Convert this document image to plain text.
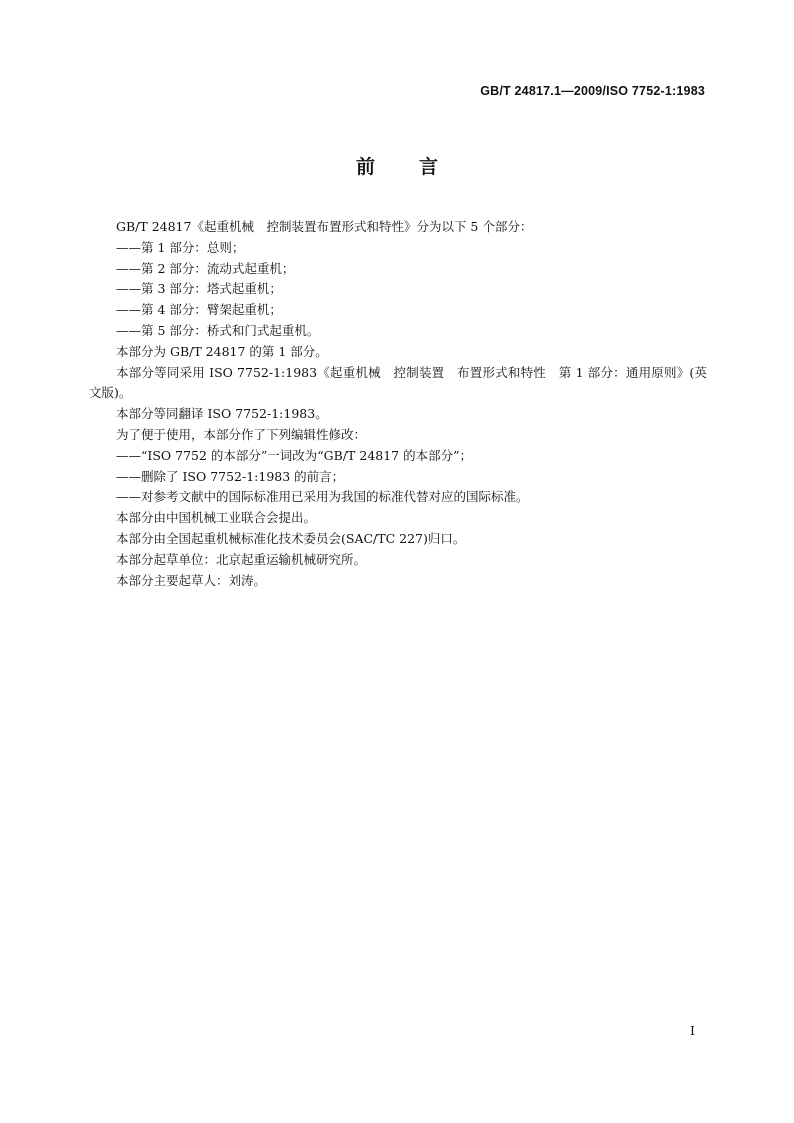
GB/T 24817.1—2009/ISO 7752-1:1983
前言

GB/T 24817《起重机械　控制装置布置形式和特性》分为以下 5 个部分：

——第 1 部分：总则；

——第 2 部分：流动式起重机；

——第 3 部分：塔式起重机；

——第 4 部分：臂架起重机；

——第 5 部分：桥式和门式起重机。

本部分为 GB/T 24817 的第 1 部分。

本部分等同采用 ISO 7752-1:1983《起重机械　控制装置　布置形式和特性　第 1 部分：通用原则》(英文版)。

本部分等同翻译 ISO 7752-1:1983。

为了便于使用，本部分作了下列编辑性修改：

——“ISO 7752 的本部分”一词改为“GB/T 24817 的本部分”；

——删除了 ISO 7752-1:1983 的前言；

——对参考文献中的国际标准用已采用为我国的标准代替对应的国际标准。

本部分由中国机械工业联合会提出。

本部分由全国起重机械标准化技术委员会(SAC/TC 227)归口。

本部分起草单位：北京起重运输机械研究所。

本部分主要起草人：刘涛。

I
